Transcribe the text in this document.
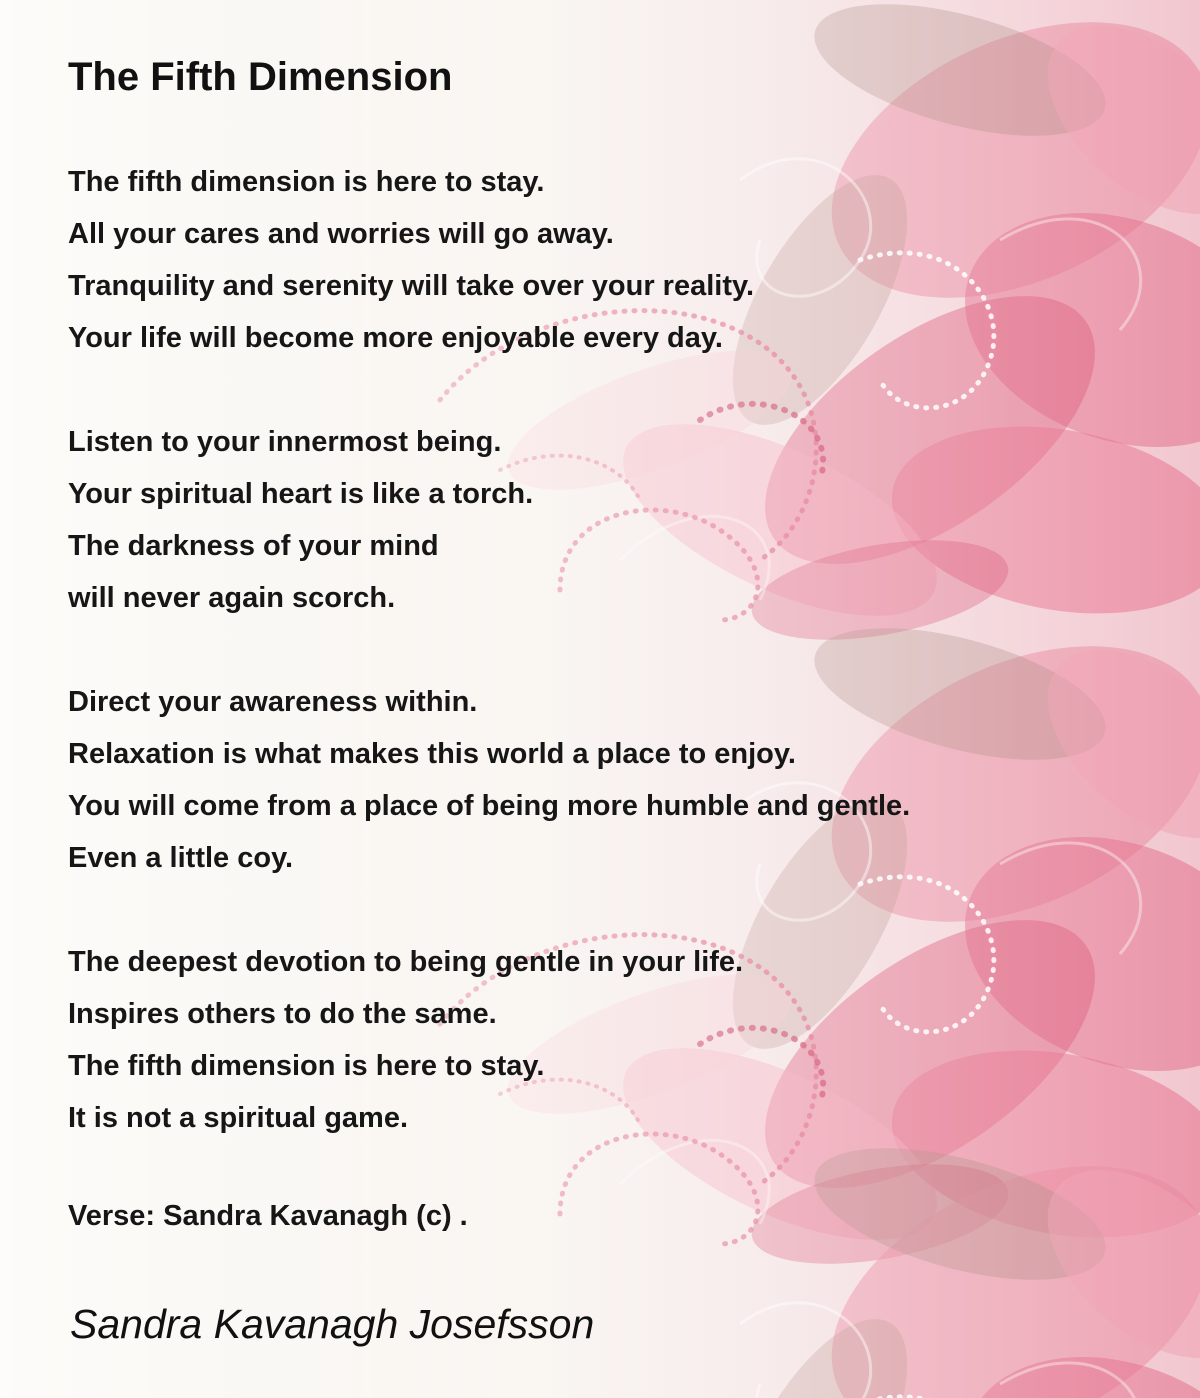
The Fifth Dimension
The fifth dimension is here to stay.
All your cares and worries will go away.
Tranquility and serenity will take over your reality.
Your life will become more enjoyable every day.
Listen to your innermost being.
Your spiritual heart is like a torch.
The darkness of your mind
will never again scorch.
Direct your awareness within.
Relaxation is what makes this world a place to enjoy.
You will come from a place of being more humble and gentle.
Even a little coy.
The deepest devotion to being gentle in your life.
Inspires others to do the same.
The fifth dimension is here to stay.
It is not a spiritual game.

Verse: Sandra Kavanagh (c) .

Sandra Kavanagh Josefsson
